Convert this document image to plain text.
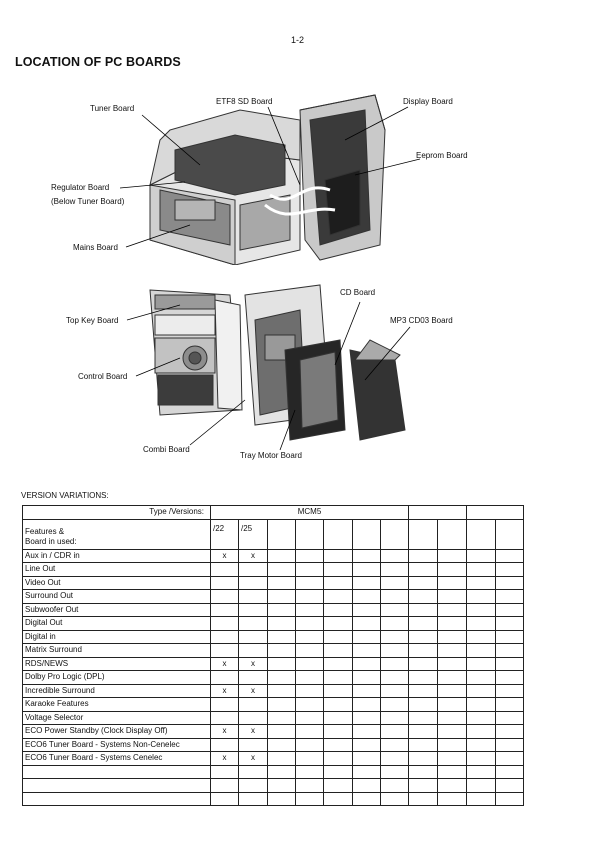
1-2
LOCATION OF PC BOARDS
Tuner Board
ETF8 SD Board	Display Board
Eeprom Board
Regulator Board
(Below Tuner Board)
Mains Board
CD Board
Top Key Board	MP3 CD03 Board
Control Board
Combi Board
Tray Motor Board
VERSION VARIATIONS:
Type /Versions:	MCM5										

Features &
Board in used:	/22	/25									
Aux in / CDR in	x	x									
Line Out											
Video Out											
Surround Out											
Subwoofer Out											
Digital Out											
Digital in											
Matrix Surround											
RDS/NEWS	x	x									
Dolby Pro Logic (DPL)											
Incredible Surround	x	x									
Karaoke Features											
Voltage Selector											
ECO Power Standby (Clock Display Off)	x	x									
ECO6 Tuner Board - Systems Non-Cenelec											
ECO6 Tuner Board - Systems Cenelec	x	x									
